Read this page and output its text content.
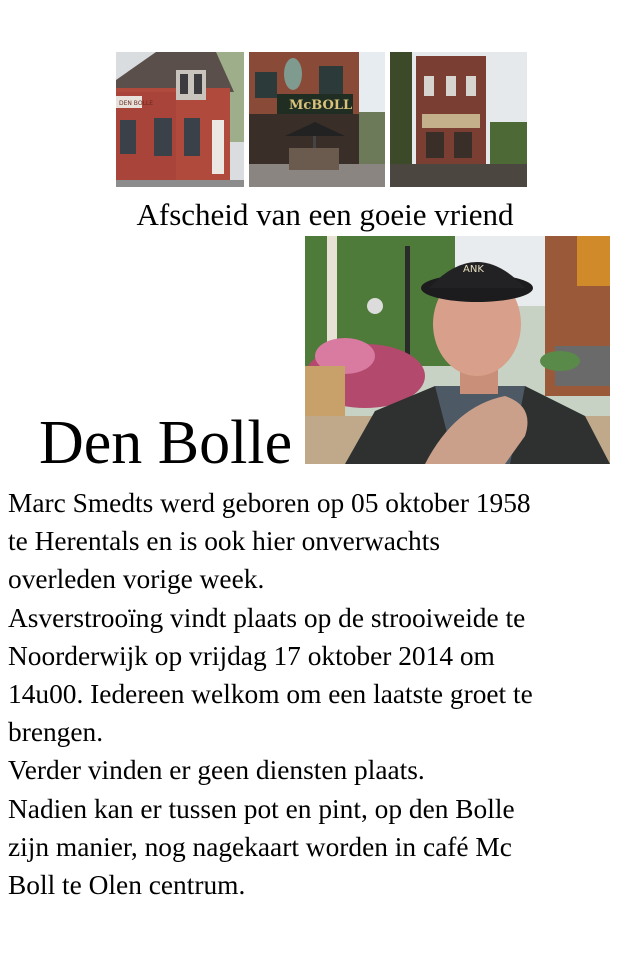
DEN BOLLE	McBOLL
Afscheid van een goeie vriend
ANK
Den Bolle

Marc Smedts werd geboren op 05 oktober 1958

te Herentals en is ook hier onverwachts

overleden vorige week.

Asverstrooïng vindt plaats op de strooiweide te

Noorderwijk op vrijdag 17 oktober 2014 om

14u00. Iedereen welkom om een laatste groet te

brengen.

Verder vinden er geen diensten plaats.

Nadien kan er tussen pot en pint, op den Bolle

zijn manier, nog nagekaart worden in café Mc

Boll te Olen centrum.
